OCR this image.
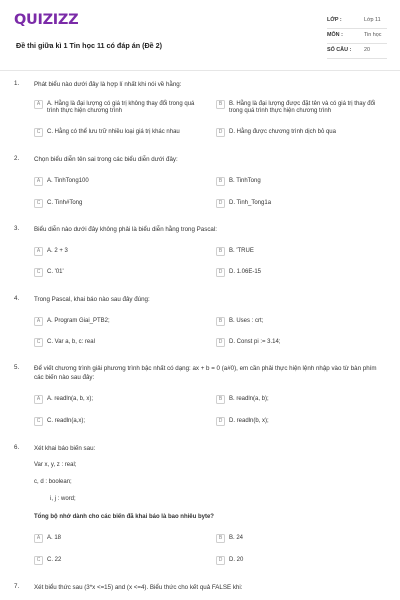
QUIZIZZ
Đề thi giữa kì 1 Tin học 11 có đáp án (Đề 2)
LỚP :	Lớp 11
MÔN :	Tin học
SỐ CÂU : 20
1. Phát biểu nào dưới đây là hợp lí nhất khi nói về hằng:
A	A. Hằng là đại lượng có giá trị không thay đổi trong quá trình thực hiện chương trình
B	B. Hằng là đại lượng được đặt tên và có giá trị thay đổi trong quá trình thực hiện chương trình
C	C. Hằng có thể lưu trữ nhiều loại giá trị khác nhau	D	D. Hằng được chương trình dịch bỏ qua
2. Chọn biểu diễn tên sai trong các biểu diễn dưới đây:
A	A. TinhTong100	B	B. TinhTong
C	C. Tinh#Tong	D	D. Tinh_Tong1a
3. Biểu diễn nào dưới đây không phải là biểu diễn hằng trong Pascal:
A	A. 2 + 3	B	B. 'TRUE
C	C. '01'	D	D. 1.06E-15
4. Trong Pascal, khai báo nào sau đây đúng:
A	A. Program Giai_PTB2;	B	B. Uses : crt;
C	C. Var a, b, c: real	D	D. Const pi := 3.14;
5. Để viết chương trình giải phương trình bậc nhất có dạng: ax + b = 0 (a#0), em cần phải thực hiện lệnh nhập vào từ bàn phím các biến nào sau đây:
A	A. readln(a, b, x);	B	B. readln(a, b);
C	C. readln(a,x);	D	D. readln(b, x);
6. Xét khai báo biến sau:
Var x, y, z : real;
c, d : boolean;
i, j : word;
Tổng bộ nhớ dành cho các biến đã khai báo là bao nhiêu byte?
A	A. 18	B	B. 24
C	C. 22	D	D. 20
7. Xét biểu thức sau (3*x <=15) and (x <=4). Biểu thức cho kết quả FALSE khi:
